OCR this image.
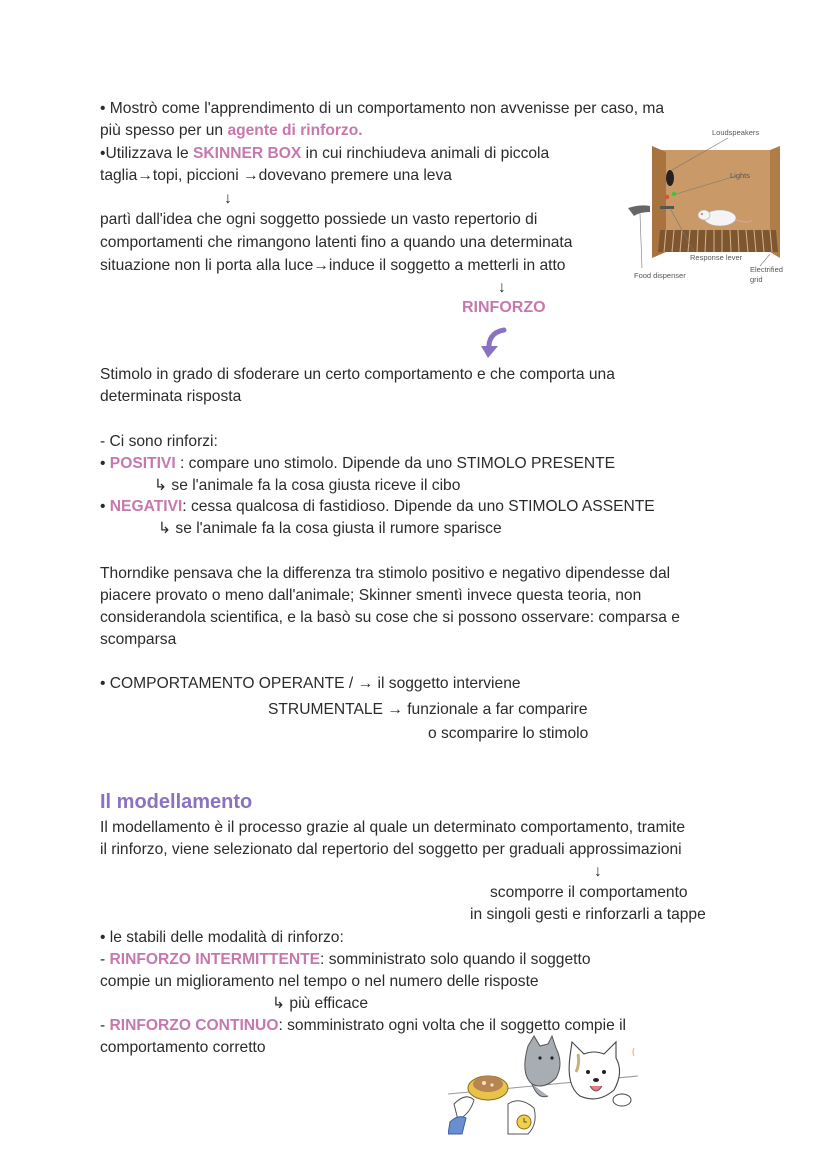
• Mostrò come l'apprendimento di un comportamento non avvenisse per caso, ma
più spesso per un agente di rinforzo.
•Utilizzava le SKINNER BOX in cui rinchiudeva animali di piccola
taglia→topi, piccioni →dovevano premere una leva
↓
partì dall'idea che ogni soggetto possiede un vasto repertorio di
comportamenti che rimangono latenti fino a quando una determinata
situazione non li porta alla luce→induce il soggetto a metterli in atto
Loudspeakers
Lights
Response lever
Food dispenser
Electrified
grid
↓
RINFORZO
Stimolo in grado di sfoderare un certo comportamento e che comporta una
determinata risposta
- Ci sono rinforzi:
• POSITIVI : compare uno stimolo. Dipende da uno STIMOLO PRESENTE
↳ se l'animale fa la cosa giusta riceve il cibo
• NEGATIVI: cessa qualcosa di fastidioso. Dipende da uno STIMOLO ASSENTE
↳ se l'animale fa la cosa giusta il rumore sparisce
Thorndike pensava che la differenza tra stimolo positivo e negativo dipendesse dal
piacere provato o meno dall'animale; Skinner smentì invece questa teoria, non
considerandola scientifica, e la basò su cose che si possono osservare: comparsa e
scomparsa
• COMPORTAMENTO OPERANTE / → il soggetto interviene
STRUMENTALE → funzionale a far comparire
o scomparire lo stimolo
Il modellamento
Il modellamento è il processo grazie al quale un determinato comportamento, tramite
il rinforzo, viene selezionato dal repertorio del soggetto per graduali approssimazioni
↓
scomporre il comportamento
in singoli gesti e rinforzarli a tappe
• le stabili delle modalità di rinforzo:
- RINFORZO INTERMITTENTE: somministrato solo quando il soggetto
compie un miglioramento nel tempo o nel numero delle risposte
↳ più efficace
- RINFORZO CONTINUO: somministrato ogni volta che il soggetto compie il
comportamento corretto
